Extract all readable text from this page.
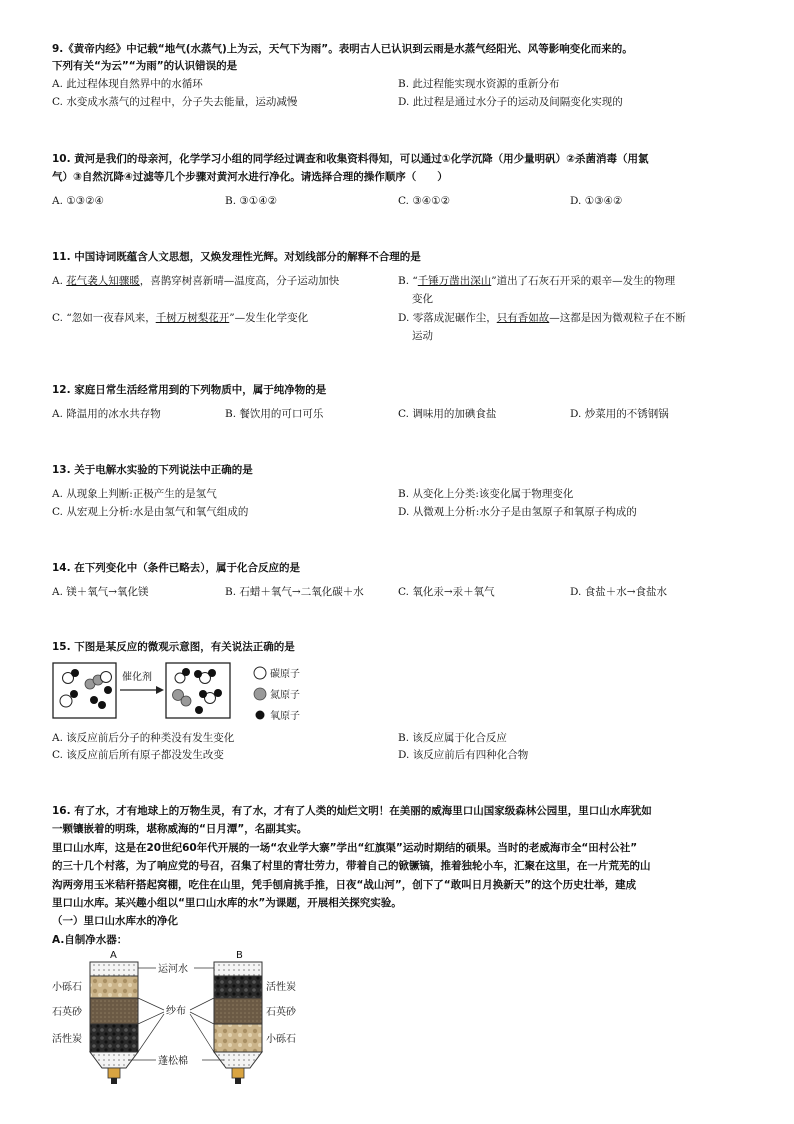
9.《黄帝内经》中记载“地气(水蒸气)上为云，天气下为雨”。表明古人已认识到云雨是水蒸气经阳光、风等影响变化而来的。
下列有关“为云”“为雨”的认识错误的是
A. 此过程体现自然界中的水循环	B. 此过程能实现水资源的重新分布
C. 水变成水蒸气的过程中，分子失去能量，运动减慢	D. 此过程是通过水分子的运动及间隔变化实现的
10. 黄河是我们的母亲河，化学学习小组的同学经过调查和收集资料得知，可以通过①化学沉降（用少量明矾）②杀菌消毒（用氯
气）③自然沉降④过滤等几个步骤对黄河水进行净化。请选择合理的操作顺序（　　）
A. ①③②④	B. ③①④②	C. ③④①②	D. ①③④②
11. 中国诗词既蕴含人文思想，又焕发理性光辉。对划线部分的解释不合理的是
A. 花气袭人知骤暖，喜鹊穿树喜新晴—温度高，分子运动加快	B. “千锤万凿出深山”道出了石灰石开采的艰辛—发生的物理
变化
C. “忽如一夜春风来，千树万树梨花开”—发生化学变化	D. 零落成泥碾作尘，只有香如故—这都是因为微观粒子在不断
运动
12. 家庭日常生活经常用到的下列物质中，属于纯净物的是
A. 降温用的冰水共存物	B. 餐饮用的可口可乐	C. 调味用的加碘食盐	D. 炒菜用的不锈钢锅
13. 关于电解水实验的下列说法中正确的是
A. 从现象上判断:正极产生的是氢气	B. 从变化上分类:该变化属于物理变化
C. 从宏观上分析:水是由氢气和氧气组成的	D. 从微观上分析:水分子是由氢原子和氧原子构成的
14. 在下列变化中（条件已略去），属于化合反应的是
A. 镁＋氧气→氧化镁	B. 石蜡＋氧气→二氧化碳＋水	C. 氧化汞→汞＋氧气	D. 食盐＋水→食盐水
15. 下图是某反应的微观示意图，有关说法正确的是
催化剂	碳原子
氮原子
氧原子
A. 该反应前后分子的种类没有发生变化	B. 该反应属于化合反应
C. 该反应前后所有原子都没发生改变	D. 该反应前后有四种化合物
16. 有了水，才有地球上的万物生灵，有了水，才有了人类的灿烂文明！在美丽的威海里口山国家级森林公园里，里口山水库犹如
一颗镶嵌着的明珠，堪称威海的“日月潭”，名副其实。
里口山水库，这是在20世纪60年代开展的一场“农业学大寨”学出“红旗渠”运动时期结的硕果。当时的老威海市全“田村公社”
的三十几个村落，为了响应党的号召，召集了村里的青壮劳力，带着自己的锨镢镐，推着独轮小车，汇聚在这里，在一片荒芜的山
沟两旁用玉米秸秆搭起窝棚，吃住在山里，凭手刨肩挑手推，日夜“战山河”，创下了“敢叫日月换新天”的这个历史壮举，建成
里口山水库。某兴趣小组以“里口山水库的水”为课题，开展相关探究实验。
（一）里口山水库水的净化
A.自制净水器：
A	B
运河水
纱布
蓬松棉
小砾石
石英砂
活性炭
活性炭
石英砂
小砾石
